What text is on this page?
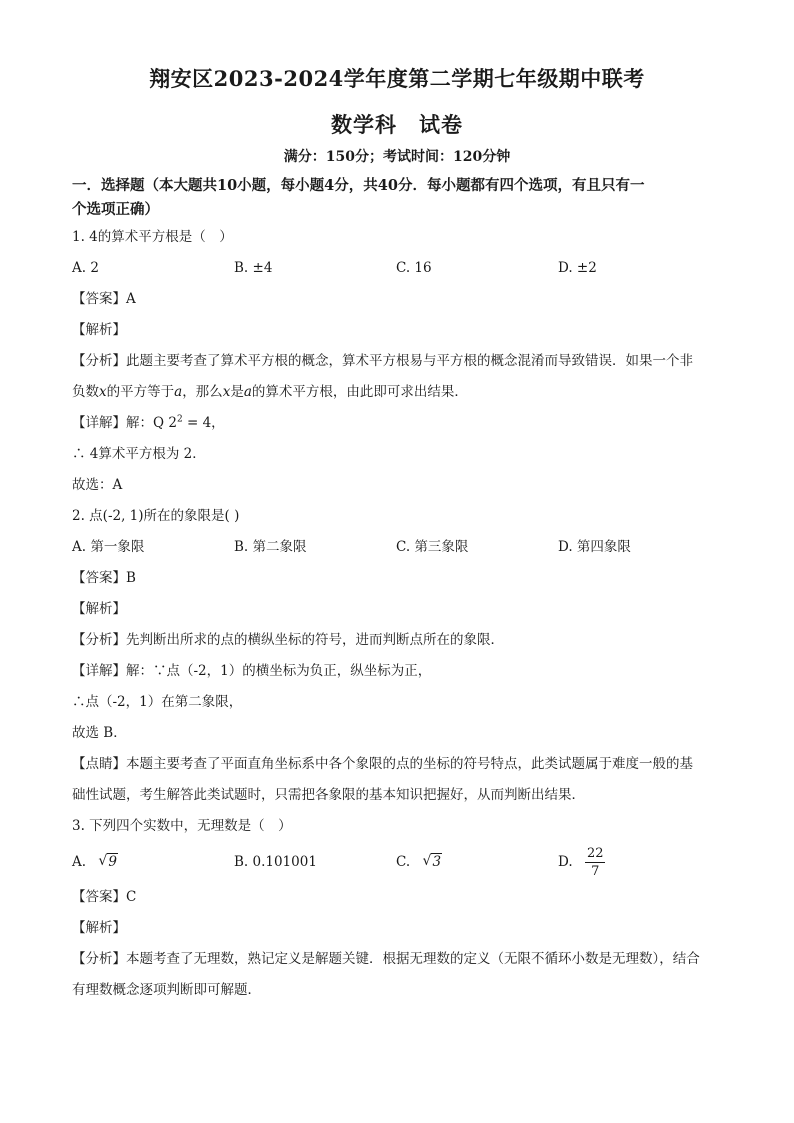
翔安区2023-2024学年度第二学期七年级期中联考
数学科 试卷
满分：150分；考试时间：120分钟
一．选择题（本大题共10小题，每小题4分，共40分．每小题都有四个选项，有且只有一
个选项正确）
1. 4的算术平方根是（　）
A. 2	B. ±4	C. 16	D. ±2
【答案】A
【解析】
【分析】此题主要考查了算术平方根的概念，算术平方根易与平方根的概念混淆而导致错误．如果一个非
负数x的平方等于a，那么x是a的算术平方根，由此即可求出结果．
【详解】解：Q $2^2 = 4$，
∴ 4算术平方根为 2．
故选：A
2. 点(-2, 1)所在的象限是( )
A. 第一象限	B. 第二象限	C. 第三象限	D. 第四象限
【答案】B
【解析】
【分析】先判断出所求的点的横纵坐标的符号，进而判断点所在的象限．
【详解】解：∵点（-2，1）的横坐标为负正，纵坐标为正，
∴点（-2，1）在第二象限，
故选 B．
【点睛】本题主要考查了平面直角坐标系中各个象限的点的坐标的符号特点，此类试题属于难度一般的基
础性试题，考生解答此类试题时，只需把各象限的基本知识把握好，从而判断出结果．
3. 下列四个实数中，无理数是（　）
A. √ 9	B. 0.101001	C. √ 3	D. $\frac{22}{7}$
【答案】C
【解析】
【分析】本题考查了无理数，熟记定义是解题关键．根据无理数的定义（无限不循环小数是无理数），结合
有理数概念逐项判断即可解题．
